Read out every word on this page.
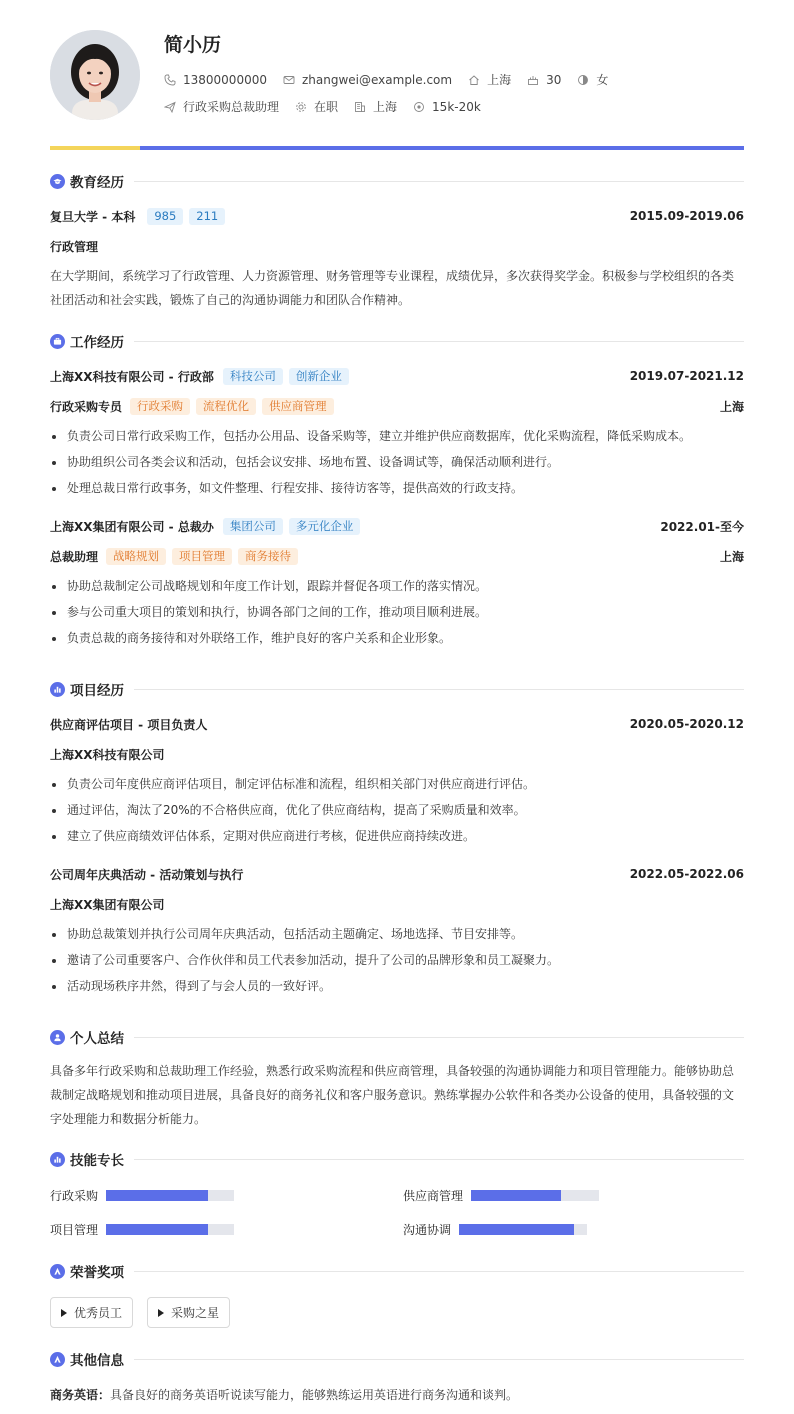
简小历
13800000000	zhangwei@example.com	上海	30	女
行政采购总裁助理	在职	上海	15k-20k
教育经历
复旦大学 - 本科	985	211	2015.09-2019.06
行政管理
在大学期间，系统学习了行政管理、人力资源管理、财务管理等专业课程，成绩优异，多次获得奖学金。积极参与学校组织的各类社团活动和社会实践，锻炼了自己的沟通协调能力和团队合作精神。
工作经历
上海XX科技有限公司 - 行政部	科技公司	创新企业	2019.07-2021.12
行政采购专员	行政采购	流程优化	供应商管理	上海
负责公司日常行政采购工作，包括办公用品、设备采购等，建立并维护供应商数据库，优化采购流程，降低采购成本。
协助组织公司各类会议和活动，包括会议安排、场地布置、设备调试等，确保活动顺利进行。
处理总裁日常行政事务，如文件整理、行程安排、接待访客等，提供高效的行政支持。
上海XX集团有限公司 - 总裁办	集团公司	多元化企业	2022.01-至今
总裁助理	战略规划	项目管理	商务接待	上海
协助总裁制定公司战略规划和年度工作计划，跟踪并督促各项工作的落实情况。
参与公司重大项目的策划和执行，协调各部门之间的工作，推动项目顺利进展。
负责总裁的商务接待和对外联络工作，维护良好的客户关系和企业形象。
项目经历
供应商评估项目 - 项目负责人	2020.05-2020.12
上海XX科技有限公司
负责公司年度供应商评估项目，制定评估标准和流程，组织相关部门对供应商进行评估。
通过评估，淘汰了20%的不合格供应商，优化了供应商结构，提高了采购质量和效率。
建立了供应商绩效评估体系，定期对供应商进行考核，促进供应商持续改进。
公司周年庆典活动 - 活动策划与执行	2022.05-2022.06
上海XX集团有限公司
协助总裁策划并执行公司周年庆典活动，包括活动主题确定、场地选择、节目安排等。
邀请了公司重要客户、合作伙伴和员工代表参加活动，提升了公司的品牌形象和员工凝聚力。
活动现场秩序井然，得到了与会人员的一致好评。
个人总结
具备多年行政采购和总裁助理工作经验，熟悉行政采购流程和供应商管理，具备较强的沟通协调能力和项目管理能力。能够协助总
裁制定战略规划和推动项目进展，具备良好的商务礼仪和客户服务意识。熟练掌握办公软件和各类办公设备的使用，具备较强的文
字处理能力和数据分析能力。
技能专长
行政采购	供应商管理
项目管理	沟通协调
荣誉奖项
优秀员工	采购之星
其他信息
商务英语： 具备良好的商务英语听说读写能力，能够熟练运用英语进行商务沟通和谈判。
